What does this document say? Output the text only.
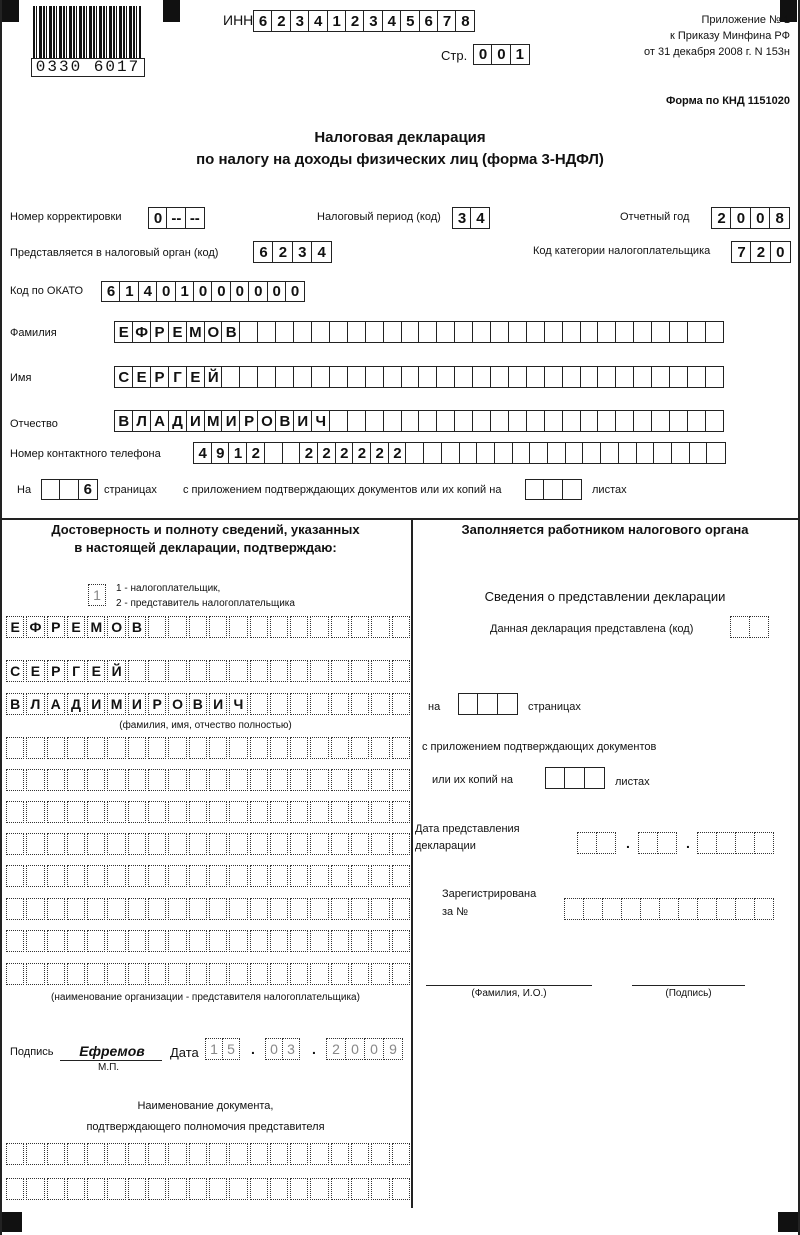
0330 6017
ИНН 6 2 3 4 1 2 3 4 5 6 7 8
Стр. 0 0 1
Приложение № 1
к Приказу Минфина РФ
от 31 декабря 2008 г. N 153н
Форма по КНД 1151020
Налоговая декларация
по налогу на доходы физических лиц (форма 3-НДФЛ)
Номер корректировки	0 -- --	Налоговый период (код)	3 4	Отчетный год	2 0 0 8
Представляется в налоговый орган (код)	6 2 3 4	Код категории налогоплательщика	7 2 0
Код по ОКАТО	6 1 4 0 1 0 0 0 0 0 0
Фамилия	Е Ф Р Е М О В
Имя	С Е Р Г Е Й
Отчество	В Л А Д И М И Р О В И Ч
Номер контактного телефона	4 9 1 2	2 2 2 2 2 2
На	6	страницах с приложением подтверждающих документов или их копий на	листах
Достоверность и полноту сведений, указанных
в настоящей декларации, подтверждаю:
1	1 - налогоплательщик,
2 - представитель налогоплательщика
Е Ф Р Е М О В
С Е Р Г Е Й
В Л А Д И М И Р О В И Ч
(фамилия, имя, отчество полностью)
(наименование организации - представителя налогоплательщика)
Подпись	Ефремов
М.П.
Дата 1 5	.	0 3	.	2 0 0 9
Наименование документа,
подтверждающего полномочия представителя
Заполняется работником налогового органа
Сведения о представлении декларации
Данная декларация представлена (код)
на	страницах
с приложением подтверждающих документов
или их копий на	листах
Дата представления
декларации	.	.
Зарегистрирована
за №
(Фамилия, И.О.)	(Подпись)
